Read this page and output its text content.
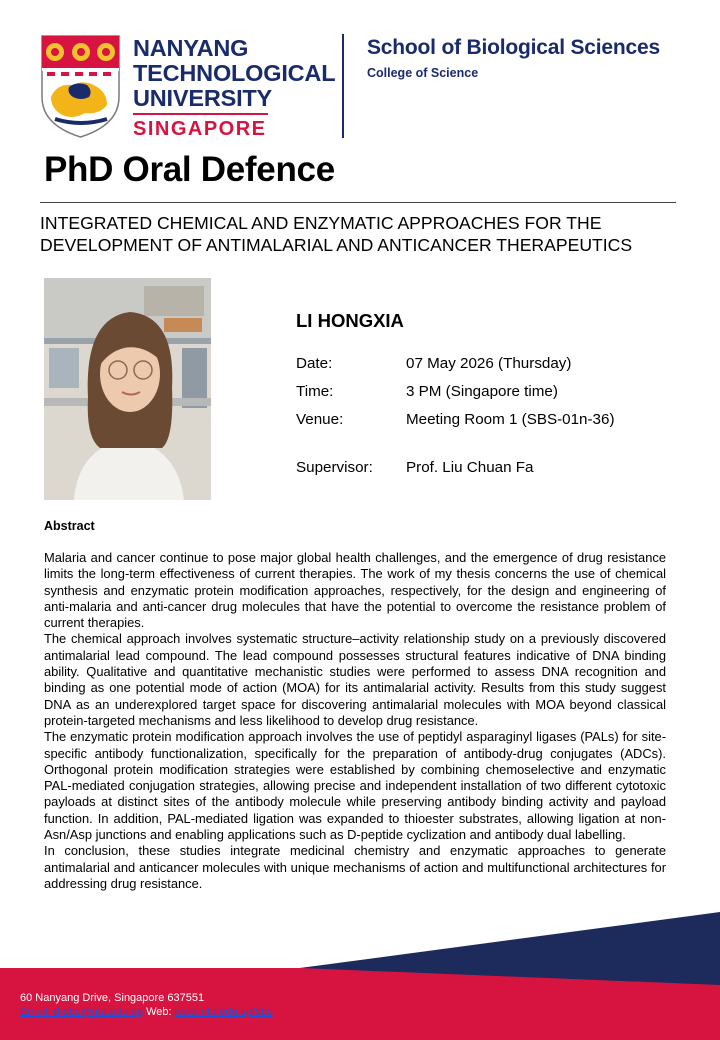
NANYANG
TECHNOLOGICAL
UNIVERSITY
SINGAPORE
School of Biological Sciences
College of Science
PhD Oral Defence
INTEGRATED CHEMICAL AND ENZYMATIC APPROACHES FOR THE
DEVELOPMENT OF ANTIMALARIAL AND ANTICANCER THERAPEUTICS
LI HONGXIA
Date:	07 May 2026 (Thursday)
Time:	3 PM (Singapore time)
Venue:	Meeting Room 1 (SBS-01n-36)
Supervisor: Prof. Liu Chuan Fa
Abstract

Malaria and cancer continue to pose major global health challenges, and the emergence of drug resistance limits the long-term effectiveness of current therapies. The work of my thesis concerns the use of chemical synthesis and enzymatic protein modification approaches, respectively, for the design and engineering of anti-malaria and anti-cancer drug molecules that have the potential to overcome the resistance problem of current therapies.

The chemical approach involves systematic structure–activity relationship study on a previously discovered antimalarial lead compound. The lead compound possesses structural features indicative of DNA binding ability. Qualitative and quantitative mechanistic studies were performed to assess DNA recognition and binding as one potential mode of action (MOA) for its antimalarial activity. Results from this study suggest DNA as an underexplored target space for discovering antimalarial molecules with MOA beyond classical protein-targeted mechanisms and less likelihood to develop drug resistance.

The enzymatic protein modification approach involves the use of peptidyl asparaginyl ligases (PALs) for site-specific antibody functionalization, specifically for the preparation of antibody-drug conjugates (ADCs). Orthogonal protein modification strategies were established by combining chemoselective and enzymatic PAL-mediated conjugation strategies, allowing precise and independent installation of two different cytotoxic payloads at distinct sites of the antibody molecule while preserving antibody binding activity and payload function. In addition, PAL-mediated ligation was expanded to thioester substrates, allowing ligation at non-Asn/Asp junctions and enabling applications such as D-peptide cyclization and antibody dual labelling.

In conclusion, these studies integrate medicinal chemistry and enzymatic approaches to generate antimalarial and anticancer molecules with unique mechanisms of action and multifunctional architectures for addressing drug resistance.

60 Nanyang Drive, Singapore 637551
Email: d-sbs@ntu.edu.sg Web: www.ntu.edu.sg/sbs
